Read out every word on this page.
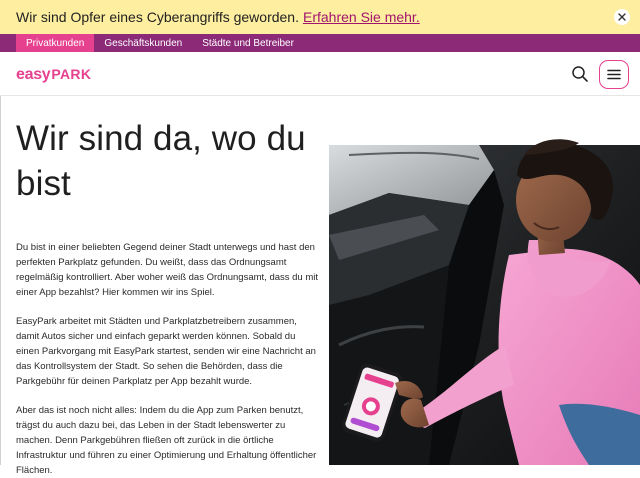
Wir sind Opfer eines Cyberangriffs geworden. Erfahren Sie mehr.
Privatkunden	Geschäftskunden	Städte und Betreiber
easy PARK
Wir sind da, wo du bist

Du bist in einer beliebten Gegend deiner Stadt unterwegs und hast den perfekten Parkplatz gefunden. Du weißt, dass das Ordnungsamt regelmäßig kontrolliert. Aber woher weiß das Ordnungsamt, dass du mit einer App bezahlst? Hier kommen wir ins Spiel.

EasyPark arbeitet mit Städten und Parkplatzbetreibern zusammen, damit Autos sicher und einfach geparkt werden können. Sobald du einen Parkvorgang mit EasyPark startest, senden wir eine Nachricht an das Kontrollsystem der Stadt. So sehen die Behörden, dass die Parkgebühr für deinen Parkplatz per App bezahlt wurde.

Aber das ist noch nicht alles: Indem du die App zum Parken benutzt, trägst du auch dazu bei, das Leben in der Stadt lebenswerter zu machen. Denn Parkgebühren fließen oft zurück in die örtliche Infrastruktur und führen zu einer Optimierung und Erhaltung öffentlicher Flächen.
